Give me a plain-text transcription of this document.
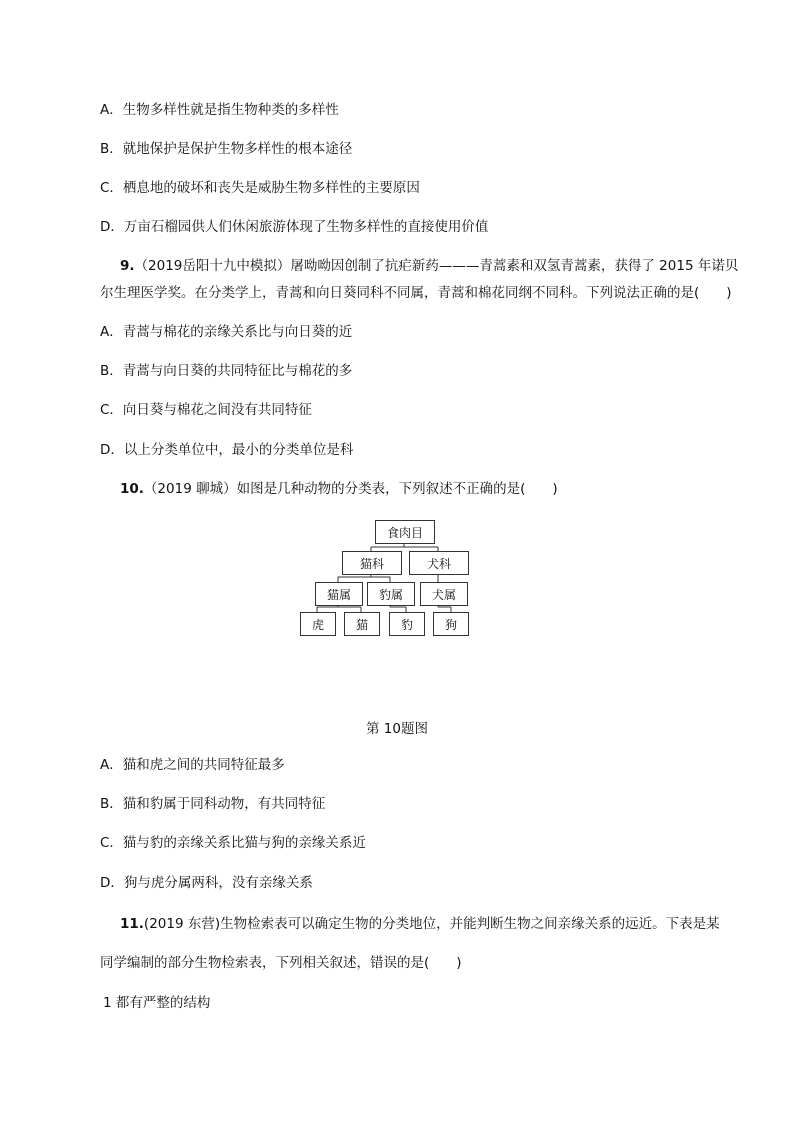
A．生物多样性就是指生物种类的多样性
B．就地保护是保护生物多样性的根本途径
C．栖息地的破坏和丧失是威胁生物多样性的主要原因
D．万亩石榴园供人们休闲旅游体现了生物多样性的直接使用价值
9.（2019岳阳十九中模拟）屠呦呦因创制了抗疟新药———青蒿素和双氢青蒿素，获得了 2015 年诺贝
尔生理医学奖。在分类学上，青蒿和向日葵同科不同属，青蒿和棉花同纲不同科。下列说法正确的是(　　)
A．青蒿与棉花的亲缘关系比与向日葵的近
B．青蒿与向日葵的共同特征比与棉花的多
C．向日葵与棉花之间没有共同特征
D．以上分类单位中，最小的分类单位是科
10.（2019 聊城）如图是几种动物的分类表，下列叙述不正确的是(　　)
食肉目
猫科	犬科
猫属	豹属	犬属
虎	猫	豹	狗
第 10题图
A．猫和虎之间的共同特征最多
B．猫和豹属于同科动物，有共同特征
C．猫与豹的亲缘关系比猫与狗的亲缘关系近
D．狗与虎分属两科，没有亲缘关系
11.(2019 东营)生物检索表可以确定生物的分类地位，并能判断生物之间亲缘关系的远近。下表是某
同学编制的部分生物检索表，下列相关叙述，错误的是(　　)
1 都有严整的结构
